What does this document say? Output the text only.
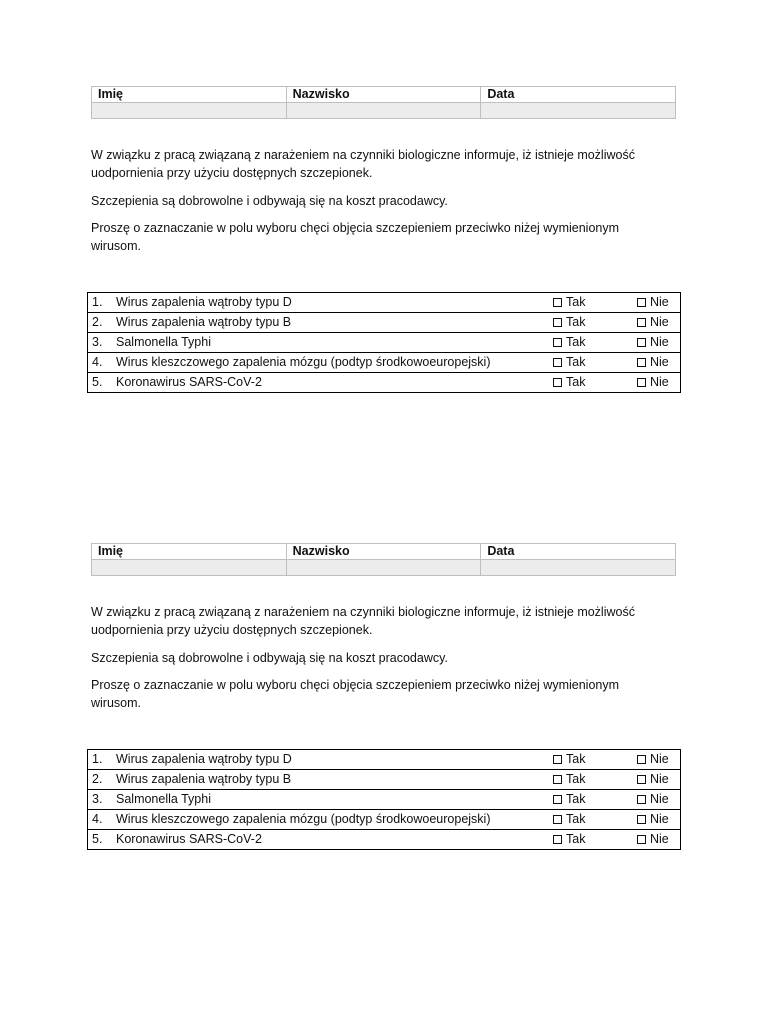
Imię	Nazwisko	Data

W związku z pracą związaną z narażeniem na czynniki biologiczne informuje, iż istnieje możliwość uodpornienia przy użyciu dostępnych szczepionek.

Szczepienia są dobrowolne i odbywają się na koszt pracodawcy.

Proszę o zaznaczanie w polu wyboru chęci objęcia szczepieniem przeciwko niżej wymienionym wirusom.

1.	Wirus zapalenia wątroby typu D	Tak	Nie
2.	Wirus zapalenia wątroby typu B	Tak	Nie
3.	Salmonella Typhi	Tak	Nie
4.	Wirus kleszczowego zapalenia mózgu (podtyp środkowoeuropejski)	Tak	Nie
5.	Koronawirus SARS-CoV-2	Tak	Nie
Imię	Nazwisko	Data

W związku z pracą związaną z narażeniem na czynniki biologiczne informuje, iż istnieje możliwość uodpornienia przy użyciu dostępnych szczepionek.

Szczepienia są dobrowolne i odbywają się na koszt pracodawcy.

Proszę o zaznaczanie w polu wyboru chęci objęcia szczepieniem przeciwko niżej wymienionym wirusom.

1.	Wirus zapalenia wątroby typu D	Tak	Nie
2.	Wirus zapalenia wątroby typu B	Tak	Nie
3.	Salmonella Typhi	Tak	Nie
4.	Wirus kleszczowego zapalenia mózgu (podtyp środkowoeuropejski)	Tak	Nie
5.	Koronawirus SARS-CoV-2	Tak	Nie
